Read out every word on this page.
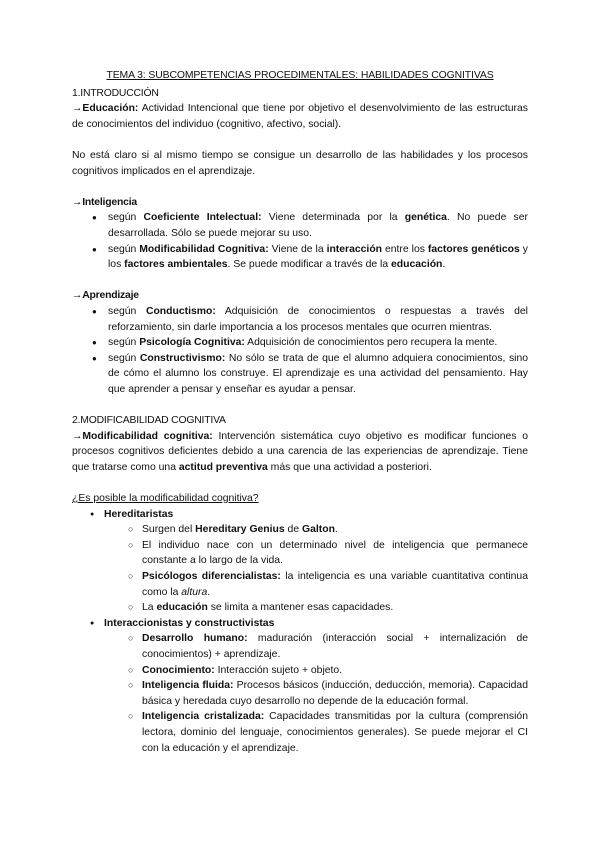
TEMA 3: SUBCOMPETENCIAS PROCEDIMENTALES: HABILIDADES COGNITIVAS
1.INTRODUCCIÓN

→Educación: Actividad Intencional que tiene por objetivo el desenvolvimiento de las estructuras de conocimientos del individuo (cognitivo, afectivo, social).

No está claro si al mismo tiempo se consigue un desarrollo de las habilidades y los procesos cognitivos implicados en el aprendizaje.

→Inteligencia
● según Coeficiente Intelectual: Viene determinada por la genética. No puede ser desarrollada. Sólo se puede mejorar su uso.
● según Modificabilidad Cognitiva: Viene de la interacción entre los factores genéticos y los factores ambientales. Se puede modificar a través de la educación.
→Aprendizaje
● según Conductismo: Adquisición de conocimientos o respuestas a través del reforzamiento, sin darle importancia a los procesos mentales que ocurren mientras.
● según Psicología Cognitiva: Adquisición de conocimientos pero recupera la mente.
● según Constructivismo: No sólo se trata de que el alumno adquiera conocimientos, sino de cómo el alumno los construye. El aprendizaje es una actividad del pensamiento. Hay que aprender a pensar y enseñar es ayudar a pensar.
2.MODIFICABILIDAD COGNITIVA

→Modificabilidad cognitiva: Intervención sistemática cuyo objetivo es modificar funciones o procesos cognitivos deficientes debido a una carencia de las experiencias de aprendizaje. Tiene que tratarse como una actitud preventiva más que una actividad a posteriori.

¿Es posible la modificabilidad cognitiva?
● Hereditaristas
○ Surgen del Hereditary Genius de Galton.
○ El individuo nace con un determinado nivel de inteligencia que permanece constante a lo largo de la vida.
○ Psicólogos diferencialistas: la inteligencia es una variable cuantitativa continua como la altura.
○ La educación se limita a mantener esas capacidades.
● Interaccionistas y constructivistas
○ Desarrollo humano: maduración (interacción social + internalización de conocimientos) + aprendizaje.
○ Conocimiento: Interacción sujeto + objeto.
○ Inteligencia fluida: Procesos básicos (inducción, deducción, memoria). Capacidad básica y heredada cuyo desarrollo no depende de la educación formal.
○ Inteligencia cristalizada: Capacidades transmitidas por la cultura (comprensión lectora, dominio del lenguaje, conocimientos generales). Se puede mejorar el CI con la educación y el aprendizaje.
